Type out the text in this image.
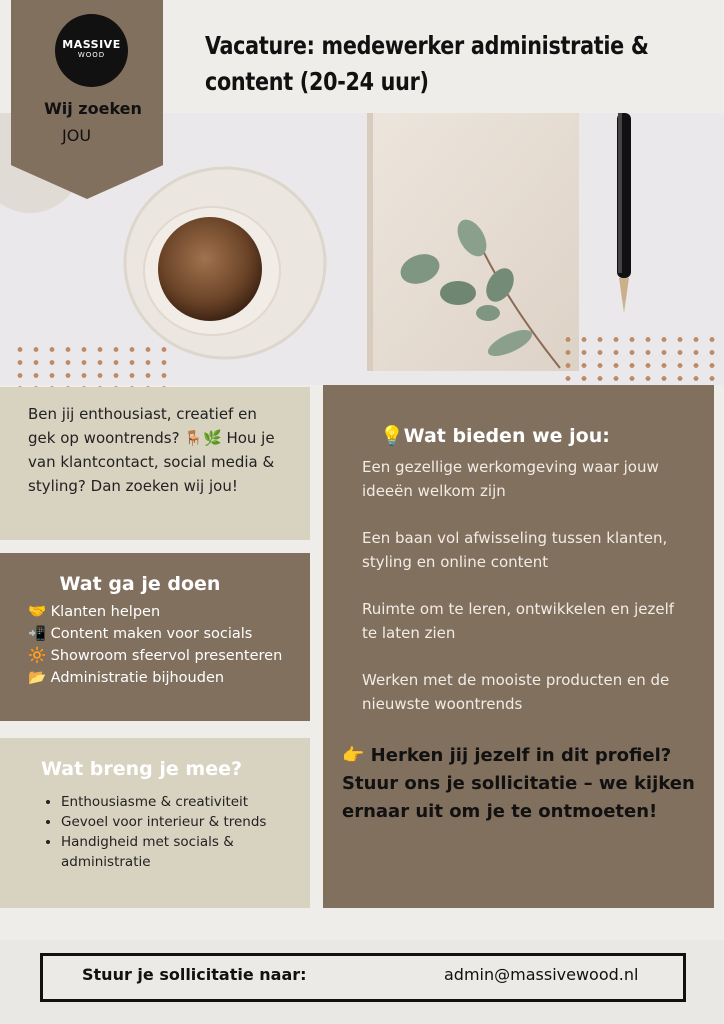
Vacature: medewerker administratie & content (20-24 uur)
MASSIVE
WOOD
Wij zoeken
JOU
Ben jij enthousiast, creatief en gek op woontrends? 🪑🌿 Hou je van klantcontact, social media & styling? Dan zoeken wij jou!
Wat ga je doen
🤝 Klanten helpen
📲 Content maken voor socials
🔆 Showroom sfeervol presenteren
📂 Administratie bijhouden
Wat breng je mee?
• Enthousiasme & creativiteit
• Gevoel voor interieur & trends
• Handigheid met socials & administratie
💡Wat bieden we jou:
Een gezellige werkomgeving waar jouw ideeën welkom zijn
Een baan vol afwisseling tussen klanten, styling en online content
Ruimte om te leren, ontwikkelen en jezelf te laten zien
Werken met de mooiste producten en de nieuwste woontrends
👉 Herken jij jezelf in dit profiel? Stuur ons je sollicitatie – we kijken ernaar uit om je te ontmoeten!
Stuur je sollicitatie naar:	admin@massivewood.nl
